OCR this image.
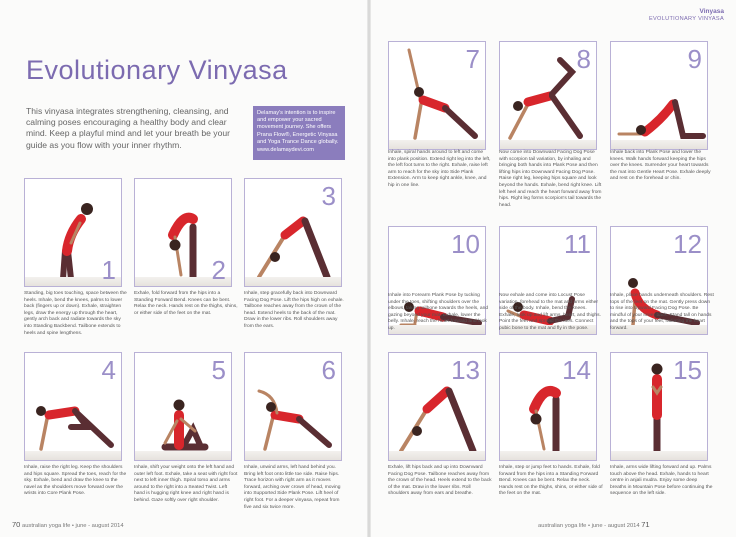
Evolutionary Vinyasa
This vinyasa integrates strengthening, cleansing, and calming poses encouraging a healthy body and clear mind. Keep a playful mind and let your breath be your guide as you flow with your inner rhythm.
Delamay's intention is to inspire and empower your sacred movement journey. She offers Prana Flow®, Energetic Vinyasa and Yoga Trance Dance globally.
www.delamaydevi.com
Vinyasa
EVOLUTIONARY VINYASA
1	2
3
Standing, big toes touching, space between the heels. Inhale, bend the knees, palms to lower back (fingers up or down). Exhale, straighten legs, draw the energy up through the heart, gently arch back and radiate towards the sky into Standing Backbend. Tailbone extends to heels and spine lengthens.
Exhale, fold forward from the hips into a Standing Forward Bend. Knees can be bent. Relax the neck. Hands rest on the thighs, shins, or either side of the feet on the mat.
Inhale, step gracefully back into Downward Facing Dog Pose. Lift the hips high on exhale. Tailbone reaches away from the crown of the head. Extend heels to the back of the mat. Draw in the lower ribs. Roll shoulders away from the ears.
4	5	6
Inhale, raise the right leg. Keep the shoulders and hips square. Spread the toes, reach for the sky. Exhale, bend and draw the knee to the navel as the shoulders move forward over the wrists into Core Plank Pose.
Inhale, shift your weight onto the left hand and outer left foot. Exhale, take a seat with right foot next to left inner thigh. Spiral torso and arms around to the right into a Seated Twist. Left hand is hugging right knee and right hand is behind. Gaze softly over right shoulder.
Inhale, unwind arms, left hand behind you. Bring left foot onto little toe side. Raise hips. Trace horizon with right arm as it moves forward, arching over crown of head, moving into Supported Side Plank Pose. Lift heel of right foot. For a deeper vinyasa, repeat from five and six twice more.
7	8	9
Inhale, spiral hands around to left and come into plank position. Extend right leg into the left, the left foot turns to the right. Exhale, raise left arm to reach for the sky into Side Plank Extension. Arm to keep right ankle, knee, and hip in one line.
Now come into Downward Facing Dog Pose with scorpion tail variation, by inhaling and bringing both hands into Plank Pose and then lifting hips into Downward Facing Dog Pose. Raise right leg, keeping hips square and look beyond the hands. Exhale, bend right knee. Lift left heel and reach the heart forward away from hips. Right leg forms scorpion's tail towards the head.
Inhale back into Plank Pose and lower the knees. Walk hands forward keeping the hips over the knees. Surrender your heart towards the mat into Gentle Heart Pose. Exhale deeply and rest on the forehead or chin.
10	11	12
Inhale into Forearm Plank Pose by tucking under the toes, shifting shoulders over the elbows, taking tailbone towards the heels, and gazing beyond your mat. Exhale, lower the belly. Inhale, reach the heart forward and look up.
Now exhale and come into Locust Pose variation, forehead to the mat and arms either side of the body. Inhale, bend the knees. Exhale, look up and lift arms, heart, and thighs. Point the feet and spread the toes. Connect pubic bone to the mat and fly in the pose.
Inhale, place hands underneath shoulders. Rest tops of the feet on the mat. Gently press down to rise into Upward Facing Dog Pose. Be mindful of your lower back. Stand tall on hands and the tops of your feet, radiating the heart forward.
13	14	15
Exhale, lift hips back and up into Downward Facing Dog Pose. Tailbone reaches away from the crown of the head. Heels extend to the back of the mat. Draw in the lower ribs. Roll shoulders away from ears and breathe.
Inhale, step or jump feet to hands. Exhale, fold forward from the hips into a Standing Forward Bend. Knees can be bent. Relax the neck. Hands rest on the thighs, shins, or either side of the feet on the mat.
Inhale, arms wide lifting forward and up. Palms touch above the head. Exhale, hands to heart centre in anjali mudra. Enjoy some deep breaths in Mountain Pose before continuing the sequence on the left side.
70 australian yoga life • june - august 2014	australian yoga life • june - august 2014 71
